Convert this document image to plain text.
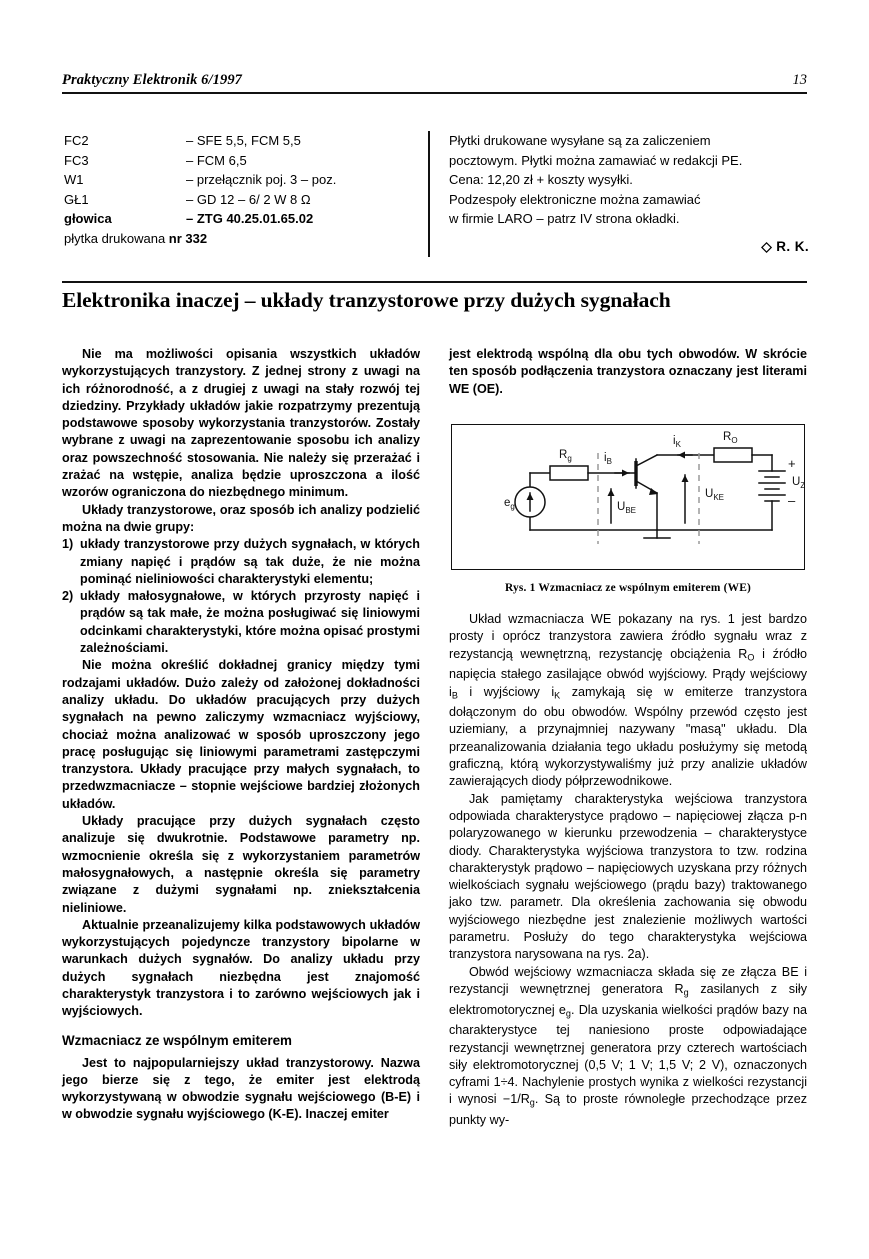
Praktyczny Elektronik 6/1997	13
FC2	– SFE 5,5, FCM 5,5
FC3	– FCM 6,5
W1	– przełącznik poj. 3 – poz.
GŁ1	– GD 12 – 6/ 2 W 8 Ω
głowica	– ZTG 40.25.01.65.02
płytka drukowana nr 332
Płytki drukowane wysyłane są za zaliczeniem
pocztowym. Płytki można zamawiać w redakcji PE.
Cena: 12,20 zł + koszty wysyłki.
Podzespoły elektroniczne można zamawiać
w firmie LARO – patrz IV strona okładki.
◇ R. K.
Elektronika inaczej – układy tranzystorowe przy dużych sygnałach

Nie ma możliwości opisania wszystkich układów wykorzystujących tranzystory. Z jednej strony z uwagi na ich różnorodność, a z drugiej z uwagi na stały rozwój tej dziedziny. Przykłady układów jakie rozpatrzymy prezentują podstawowe sposoby wykorzystania tranzystorów. Zostały wybrane z uwagi na zaprezentowanie sposobu ich analizy oraz powszechność stosowania. Nie należy się przerażać i zrażać na wstępie, analiza będzie uproszczona a ilość wzorów ograniczona do niezbędnego minimum.

Układy tranzystorowe, oraz sposób ich analizy podzielić można na dwie grupy:

1) układy tranzystorowe przy dużych sygnałach, w których zmiany napięć i prądów są tak duże, że nie można pominąć nieliniowości charakterystyki elementu;
2) układy małosygnałowe, w których przyrosty napięć i prądów są tak małe, że można posługiwać się liniowymi odcinkami charakterystyki, które można opisać prostymi zależnościami.

Nie można określić dokładnej granicy między tymi rodzajami układów. Dużo zależy od założonej dokładności analizy układu. Do układów pracujących przy dużych sygnałach na pewno zaliczymy wzmacniacz wyjściowy, chociaż można analizować w sposób uproszczony jego pracę posługując się liniowymi parametrami zastępczymi tranzystora. Układy pracujące przy małych sygnałach, to przedwzmacniacze – stopnie wejściowe bardziej złożonych układów.

Układy pracujące przy dużych sygnałach często analizuje się dwukrotnie. Podstawowe parametry np. wzmocnienie określa się z wykorzystaniem parametrów małosygnałowych, a następnie określa się parametry związane z dużymi sygnałami np. zniekształcenia nieliniowe.

Aktualnie przeanalizujemy kilka podstawowych układów wykorzystujących pojedyncze tranzystory bipolarne w warunkach dużych sygnałów. Do analizy układu przy dużych sygnałach niezbędna jest znajomość charakterystyk tranzystora i to zarówno wejściowych jak i wyjściowych.

Wzmacniacz ze wspólnym emiterem

Jest to najpopularniejszy układ tranzystorowy. Nazwa jego bierze się z tego, że emiter jest elektrodą wykorzystywaną w obwodzie sygnału wejściowego (B-E) i w obwodzie sygnału wyjściowego (K-E). Inaczej emiter

jest elektrodą wspólną dla obu tych obwodów. W skrócie ten sposób podłączenia tranzystora oznaczany jest literami WE (OE).

$R_g$
$R_O$
$e_g$
$i_B$
$i_K$
$U_{BE}$
$U_{KE}$
$U_Z$
+
–
Rys. 1 Wzmacniacz ze wspólnym emiterem (WE)

Układ wzmacniacza WE pokazany na rys. 1 jest bardzo prosty i oprócz tranzystora zawiera źródło sygnału wraz z rezystancją wewnętrzną, rezystancję obciążenia $R_O$ i źródło napięcia stałego zasilające obwód wyjściowy. Prądy wejściowy $i_B$ i wyjściowy $i_K$ zamykają się w emiterze tranzystora dołączonym do obu obwodów. Wspólny przewód często jest uziemiany, a przynajmniej nazywany "masą" układu. Dla przeanalizowania działania tego układu posłużymy się metodą graficzną, którą wykorzystywaliśmy już przy analizie układów zawierających diody półprzewodnikowe.

Jak pamiętamy charakterystyka wejściowa tranzystora odpowiada charakterystyce prądowo – napięciowej złącza p-n polaryzowanego w kierunku przewodzenia – charakterystyce diody. Charakterystyka wyjściowa tranzystora to tzw. rodzina charakterystyk prądowo – napięciowych uzyskana przy różnych wielkościach sygnału wejściowego (prądu bazy) traktowanego jako tzw. parametr. Dla określenia zachowania się obwodu wyjściowego niezbędne jest znalezienie możliwych wartości parametru. Posłuży do tego charakterystyka wejściowa tranzystora narysowana na rys. 2a).

Obwód wejściowy wzmacniacza składa się ze złącza BE i rezystancji wewnętrznej generatora $R_g$ zasilanych z siły elektromotorycznej $e_g$. Dla uzyskania wielkości prądów bazy na charakterystyce tej naniesiono proste odpowiadające rezystancji wewnętrznej generatora przy czterech wartościach siły elektromotorycznej (0,5 V; 1 V; 1,5 V; 2 V), oznaczonych cyframi 1÷4. Nachylenie prostych wynika z wielkości rezystancji i wynosi $-1/R_g$. Są to proste równoległe przechodzące przez punkty wy-
